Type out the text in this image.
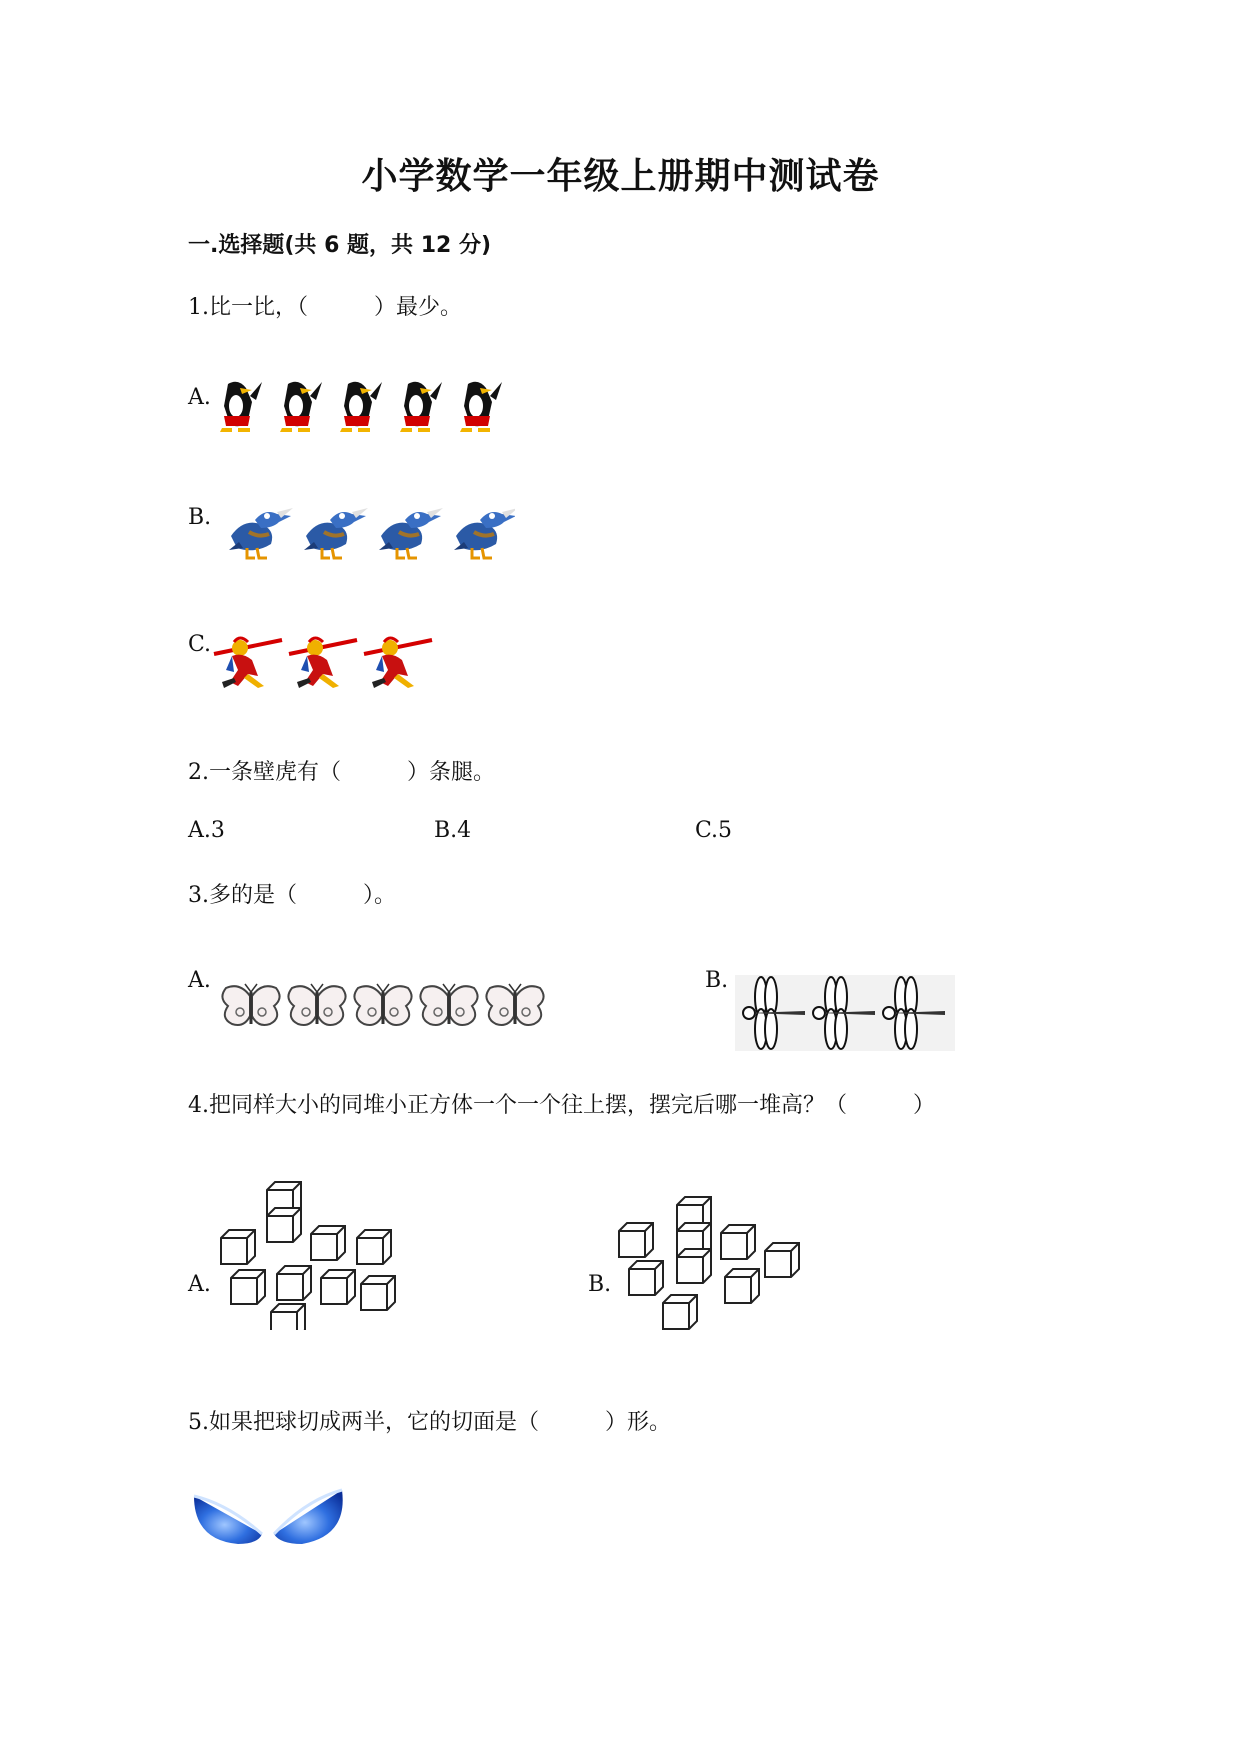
小学数学一年级上册期中测试卷
一.选择题(共 6 题，共 12 分)
1.比一比，（　　　）最少。
A.
B.
C.
2.一条壁虎有（　　　）条腿。
A.3	B.4	C.5
3.多的是（　　　）。
A.	B.
4.把同样大小的同堆小正方体一个一个往上摆，摆完后哪一堆高？（　　　）
A.	B.
5.如果把球切成两半，它的切面是（　　　）形。
